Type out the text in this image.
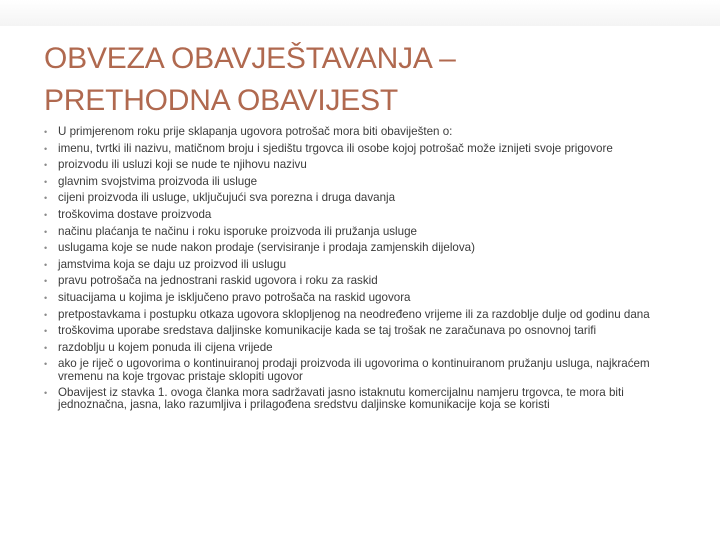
OBVEZA OBAVJEŠTAVANJA –
PRETHODNA OBAVIJEST
• U primjerenom roku prije sklapanja ugovora potrošač mora biti obaviješten o:
• imenu, tvrtki ili nazivu, matičnom broju i sjedištu trgovca ili osobe kojoj potrošač može iznijeti svoje prigovore
• proizvodu ili usluzi koji se nude te njihovu nazivu
• glavnim svojstvima proizvoda ili usluge
• cijeni proizvoda ili usluge, uključujući sva porezna i druga davanja
• troškovima dostave proizvoda
• načinu plaćanja te načinu i roku isporuke proizvoda ili pružanja usluge
• uslugama koje se nude nakon prodaje (servisiranje i prodaja zamjenskih dijelova)
• jamstvima koja se daju uz proizvod ili uslugu
• pravu potrošača na jednostrani raskid ugovora i roku za raskid
• situacijama u kojima je isključeno pravo potrošača na raskid ugovora
• pretpostavkama i postupku otkaza ugovora sklopljenog na neodređeno vrijeme ili za razdoblje dulje od godinu dana
• troškovima uporabe sredstava daljinske komunikacije kada se taj trošak ne zaračunava po osnovnoj tarifi
• razdoblju u kojem ponuda ili cijena vrijede
• ako je riječ o ugovorima o kontinuiranoj prodaji proizvoda ili ugovorima o kontinuiranom pružanju usluga, najkraćem vremenu na koje trgovac pristaje sklopiti ugovor
• Obavijest iz stavka 1. ovoga članka mora sadržavati jasno istaknutu komercijalnu namjeru trgovca, te mora biti jednoznačna, jasna, lako razumljiva i prilagođena sredstvu daljinske komunikacije koja se koristi
